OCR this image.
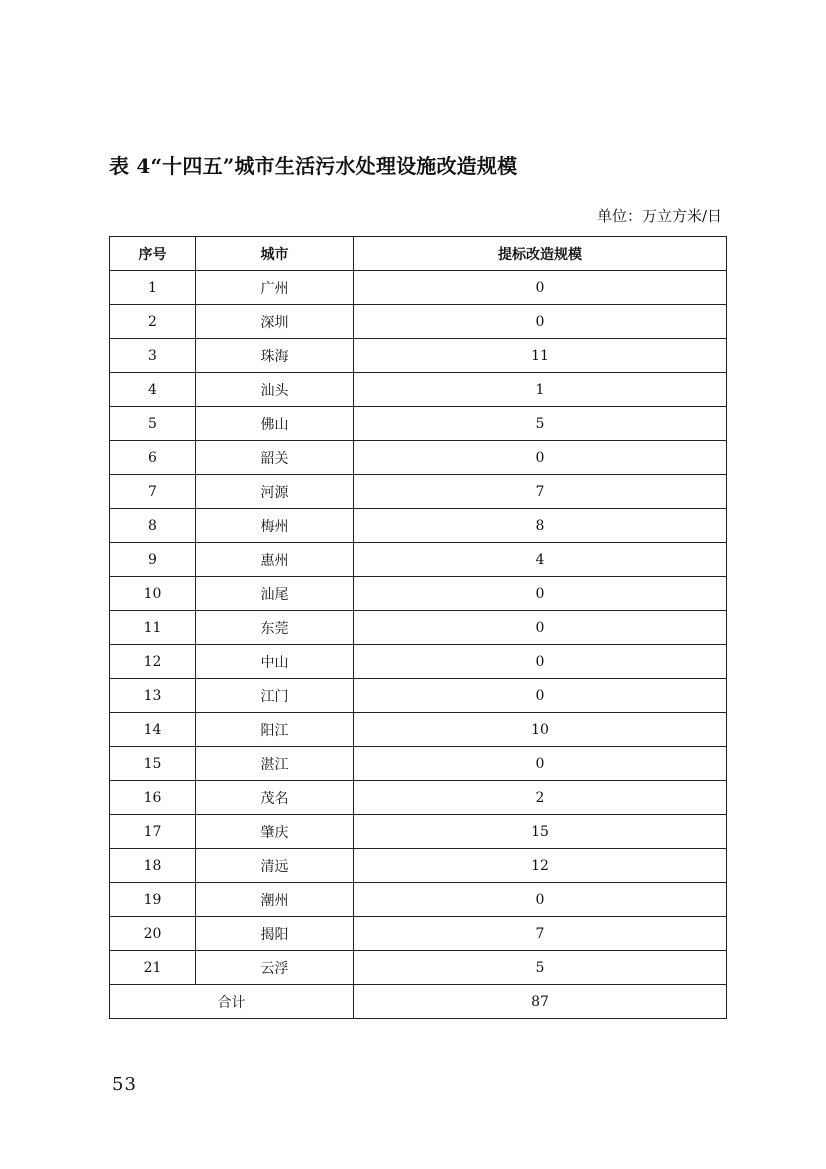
表 4“十四五”城市生活污水处理设施改造规模
单位：万立方米/日
序号	城市	提标改造规模
1	广州	0
2	深圳	0
3	珠海	11
4	汕头	1
5	佛山	5
6	韶关	0
7	河源	7
8	梅州	8
9	惠州	4
10	汕尾	0
11	东莞	0
12	中山	0
13	江门	0
14	阳江	10
15	湛江	0
16	茂名	2
17	肇庆	15
18	清远	12
19	潮州	0
20	揭阳	7
21	云浮	5
合计		87
53
